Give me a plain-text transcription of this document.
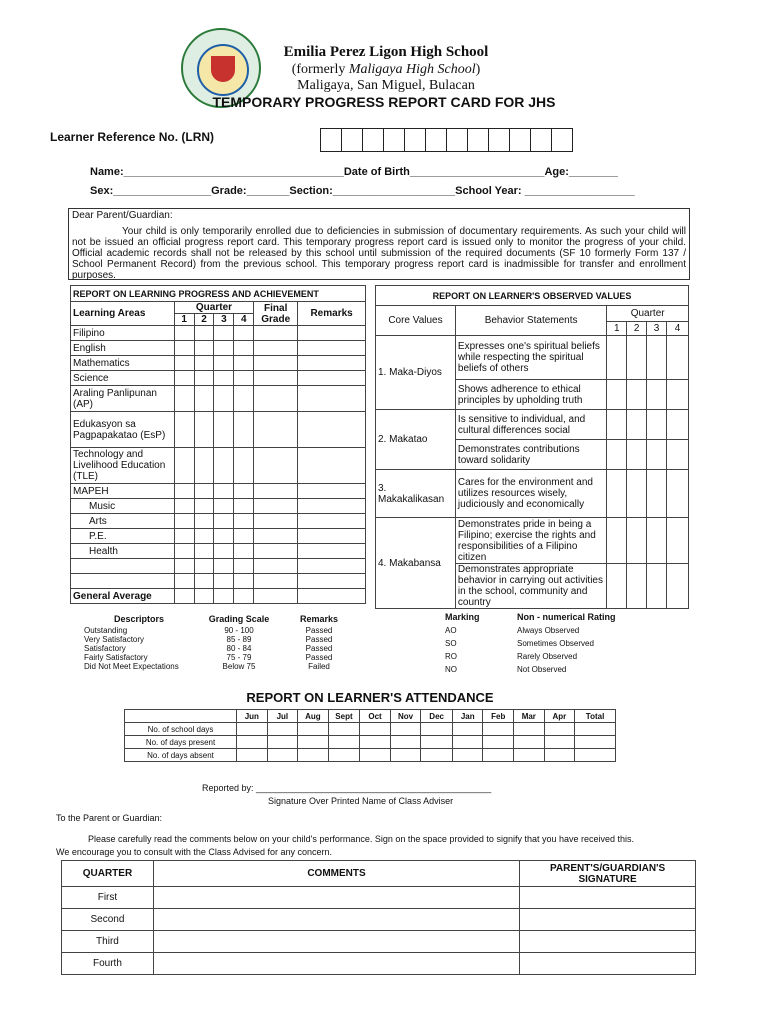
Emilia Perez Ligon High School
(formerly Maligaya High School)
Maligaya, San Miguel, Bulacan
TEMPORARY PROGRESS REPORT CARD FOR JHS
Learner Reference No. (LRN)
Name:____________________________________Date of Birth______________________Age:________
Sex:________________Grade:_______Section:____________________School Year: __________________
Dear Parent/Guardian:
Your child is only temporarily enrolled due to deficiencies in submission of documentary requirements. As such your child will not be issued an official progress report card. This temporary progress report card is issued only to monitor the progress of your child. Official academic records shall not be released by this school until submission of the required documents (SF 10 formerly Form 137 / School Permanent Record) from the previous school. This temporary progress report card is inadmissible for transfer and enrollment purposes.
REPORT ON LEARNING PROGRESS AND ACHIEVEMENT						
Learning Areas	Quarter				Final Grade	Remarks
	1	2	3	4		
Filipino						
English						
Mathematics						
Science						
Araling Panlipunan (AP)						
Edukasyon sa Pagpapakatao (EsP)						
Technology and Livelihood Education (TLE)						
MAPEH						
Music						
Arts						
P.E.						
Health						

General Average						
REPORT ON LEARNER'S OBSERVED VALUES					
Core Values	Behavior Statements	Quarter			
		1	2	3	4
1. Maka-Diyos	Expresses one's spiritual beliefs while respecting the spiritual beliefs of others				
	Shows adherence to ethical principles by upholding truth				
2. Makatao	Is sensitive to individual, and cultural differences social				
	Demonstrates contributions toward solidarity				
3. Makakalikasan	Cares for the environment and utilizes resources wisely, judiciously and economically				
4. Makabansa	Demonstrates pride in being a Filipino; exercise the rights and responsibilities of a Filipino citizen				
	Demonstrates appropriate behavior in carrying out activities in the school, community and country				
Descriptors	Grading Scale	Remarks
Outstanding	90 - 100	Passed
Very Satisfactory	85 - 89	Passed
Satisfactory	80 - 84	Passed
Fairly Satisfactory	75 - 79	Passed
Did Not Meet Expectations	Below 75	Failed
Marking	Non - numerical Rating
AO	Always Observed
SO	Sometimes Observed
RO	Rarely Observed
NO	Not Observed
REPORT ON LEARNER'S ATTENDANCE
	Jun	Jul	Aug	Sept	Oct	Nov	Dec	Jan	Feb	Mar	Apr	Total
No. of school days												
No. of days present												
No. of days absent												
Reported by: _______________________________________________
Signature Over Printed Name of Class Adviser
To the Parent or Guardian:
Please carefully read the comments below on your child's performance. Sign on the space provided to signify that you have received this.
We encourage you to consult with the Class Advised for any concern.
QUARTER	COMMENTS	PARENT'S/GUARDIAN'S SIGNATURE
First		
Second		
Third		
Fourth		
